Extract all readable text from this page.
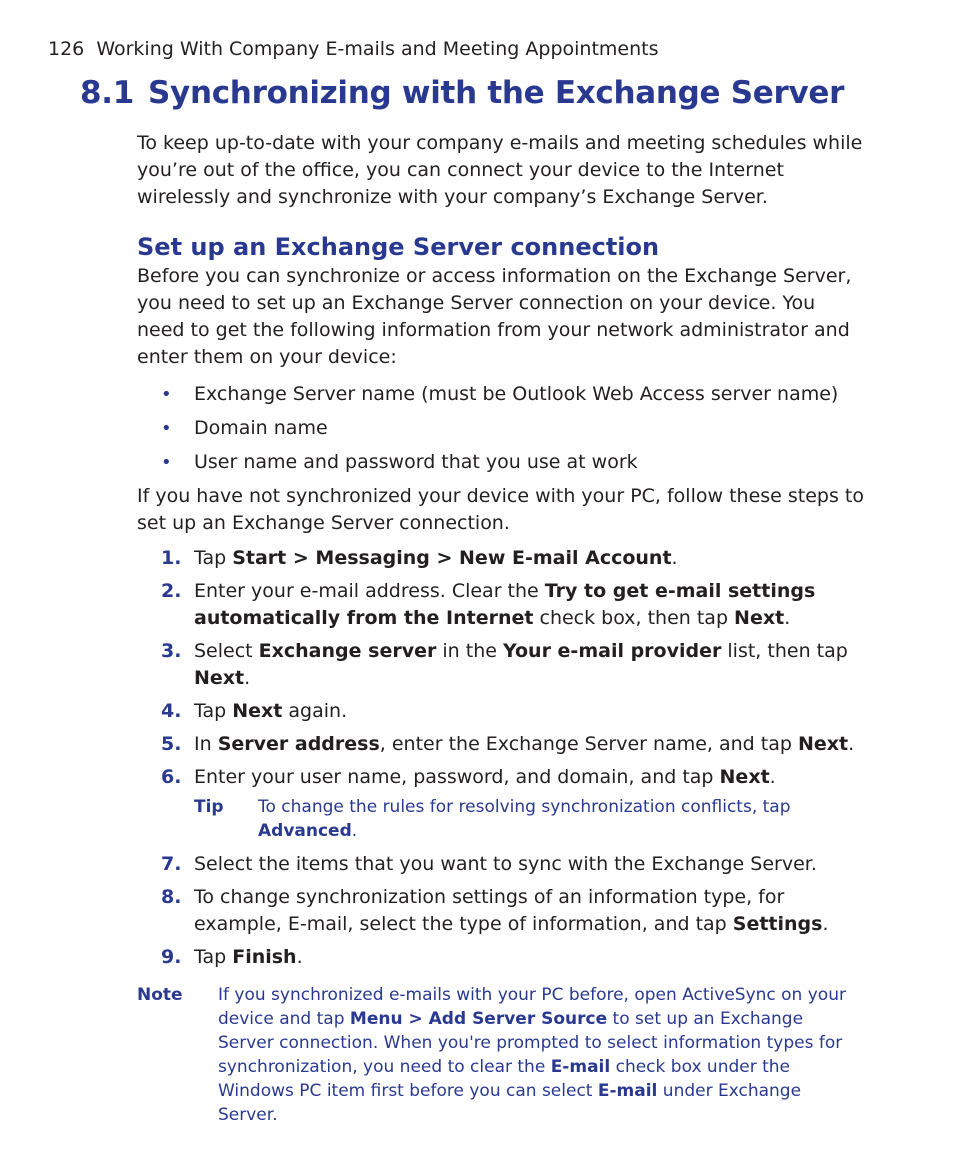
126 Working With Company E-mails and Meeting Appointments
8.1 Synchronizing with the Exchange Server

To keep up-to-date with your company e-mails and meeting schedules while you’re out of the office, you can connect your device to the Internet wirelessly and synchronize with your company’s Exchange Server.

Set up an Exchange Server connection

Before you can synchronize or access information on the Exchange Server, you need to set up an Exchange Server connection on your device. You need to get the following information from your network administrator and enter them on your device:

• Exchange Server name (must be Outlook Web Access server name)
• Domain name
• User name and password that you use at work

If you have not synchronized your device with your PC, follow these steps to set up an Exchange Server connection.

1. Tap Start > Messaging > New E-mail Account.
2. Enter your e-mail address. Clear the Try to get e-mail settings automatically from the Internet check box, then tap Next.
3. Select Exchange server in the Your e-mail provider list, then tap Next.
4. Tap Next again.
5. In Server address, enter the Exchange Server name, and tap Next.
6. Enter your user name, password, and domain, and tap Next.
Tip	To change the rules for resolving synchronization conflicts, tap Advanced.
7. Select the items that you want to sync with the Exchange Server.
8. To change synchronization settings of an information type, for example, E-mail, select the type of information, and tap Settings.
9. Tap Finish.
Note	If you synchronized e-mails with your PC before, open ActiveSync on your device and tap Menu > Add Server Source to set up an Exchange Server connection. When you're prompted to select information types for synchronization, you need to clear the E-mail check box under the Windows PC item first before you can select E-mail under Exchange Server.
